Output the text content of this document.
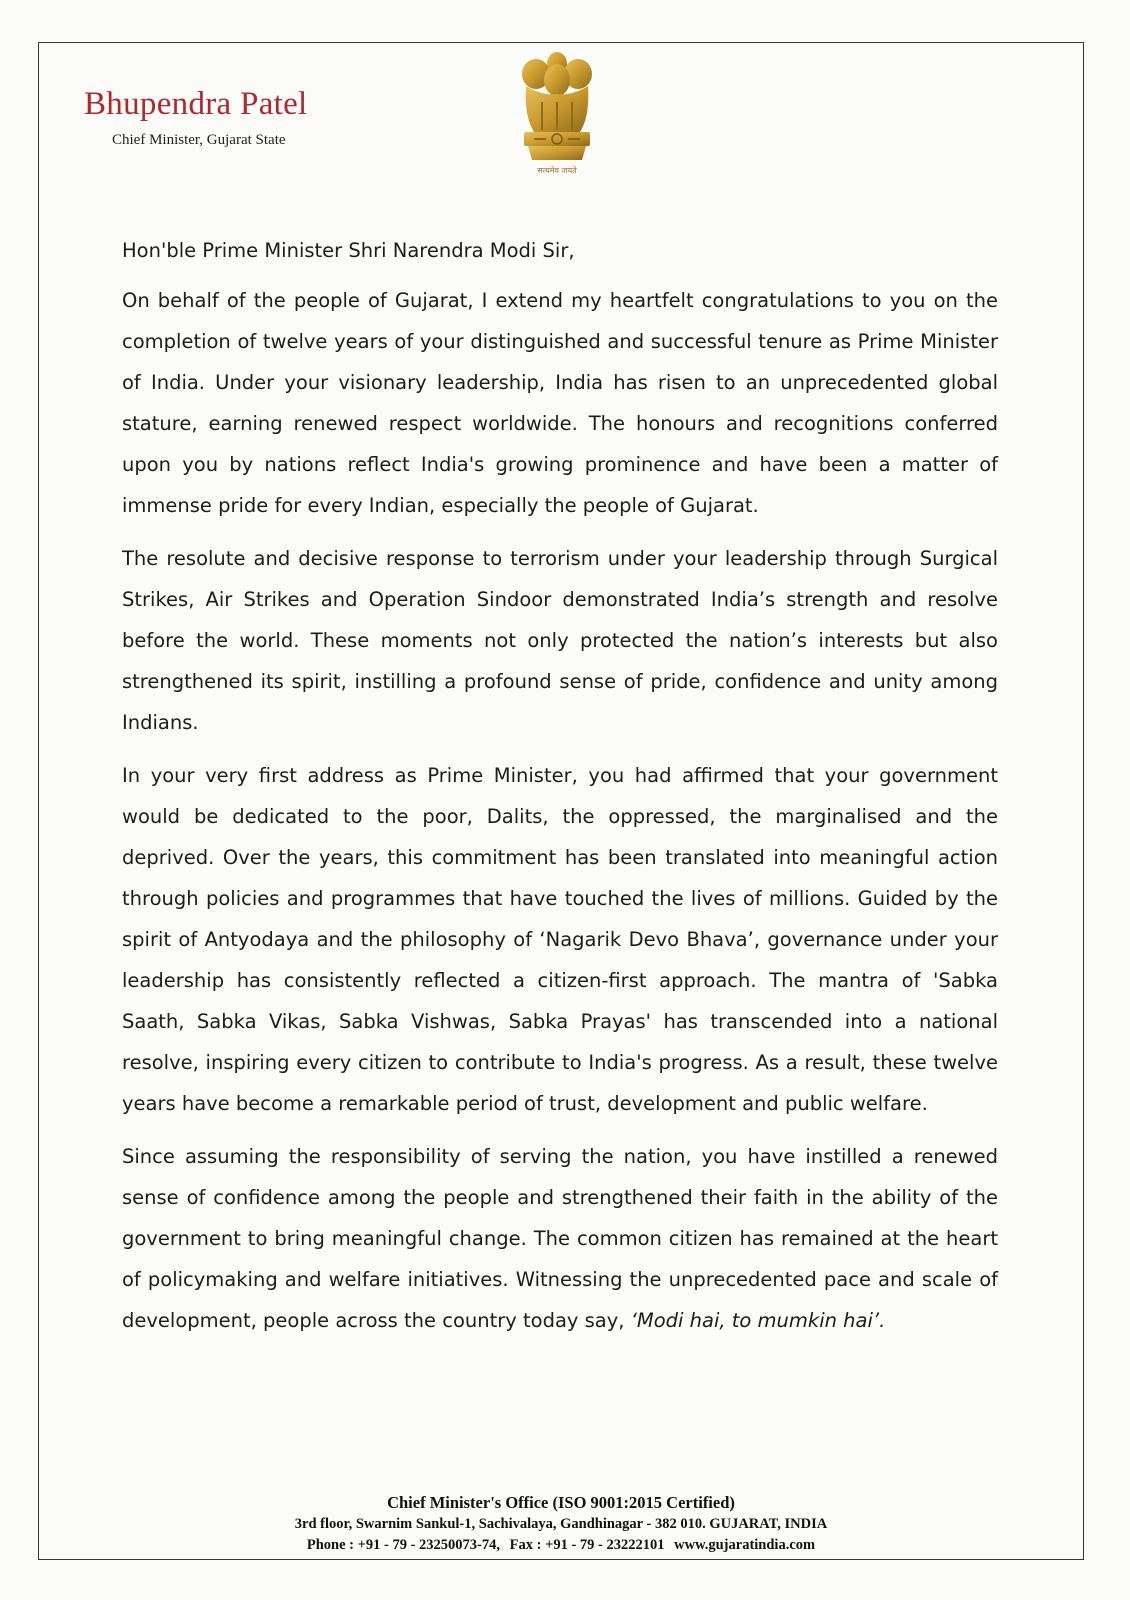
Bhupendra Patel
Chief Minister, Gujarat State
सत्यमेव जयते

Hon'ble Prime Minister Shri Narendra Modi Sir,

On behalf of the people of Gujarat, I extend my heartfelt congratulations to you on the completion of twelve years of your distinguished and successful tenure as Prime Minister of India. Under your visionary leadership, India has risen to an unprecedented global stature, earning renewed respect worldwide. The honours and recognitions conferred upon you by nations reflect India's growing prominence and have been a matter of immense pride for every Indian, especially the people of Gujarat.

The resolute and decisive response to terrorism under your leadership through Surgical Strikes, Air Strikes and Operation Sindoor demonstrated India’s strength and resolve before the world. These moments not only protected the nation’s interests but also strengthened its spirit, instilling a profound sense of pride, confidence and unity among Indians.

In your very first address as Prime Minister, you had affirmed that your government would be dedicated to the poor, Dalits, the oppressed, the marginalised and the deprived. Over the years, this commitment has been translated into meaningful action through policies and programmes that have touched the lives of millions. Guided by the spirit of Antyodaya and the philosophy of ‘Nagarik Devo Bhava’, governance under your leadership has consistently reflected a citizen-first approach. The mantra of 'Sabka Saath, Sabka Vikas, Sabka Vishwas, Sabka Prayas' has transcended into a national resolve, inspiring every citizen to contribute to India's progress. As a result, these twelve years have become a remarkable period of trust, development and public welfare.

Since assuming the responsibility of serving the nation, you have instilled a renewed sense of confidence among the people and strengthened their faith in the ability of the government to bring meaningful change. The common citizen has remained at the heart of policymaking and welfare initiatives. Witnessing the unprecedented pace and scale of development, people across the country today say, ‘Modi hai, to mumkin hai’.

Chief Minister's Office (ISO 9001:2015 Certified)
3rd floor, Swarnim Sankul-1, Sachivalaya, Gandhinagar - 382 010. GUJARAT, INDIA
Phone : +91 - 79 - 23250073-74, Fax : +91 - 79 - 23222101 www.gujaratindia.com
